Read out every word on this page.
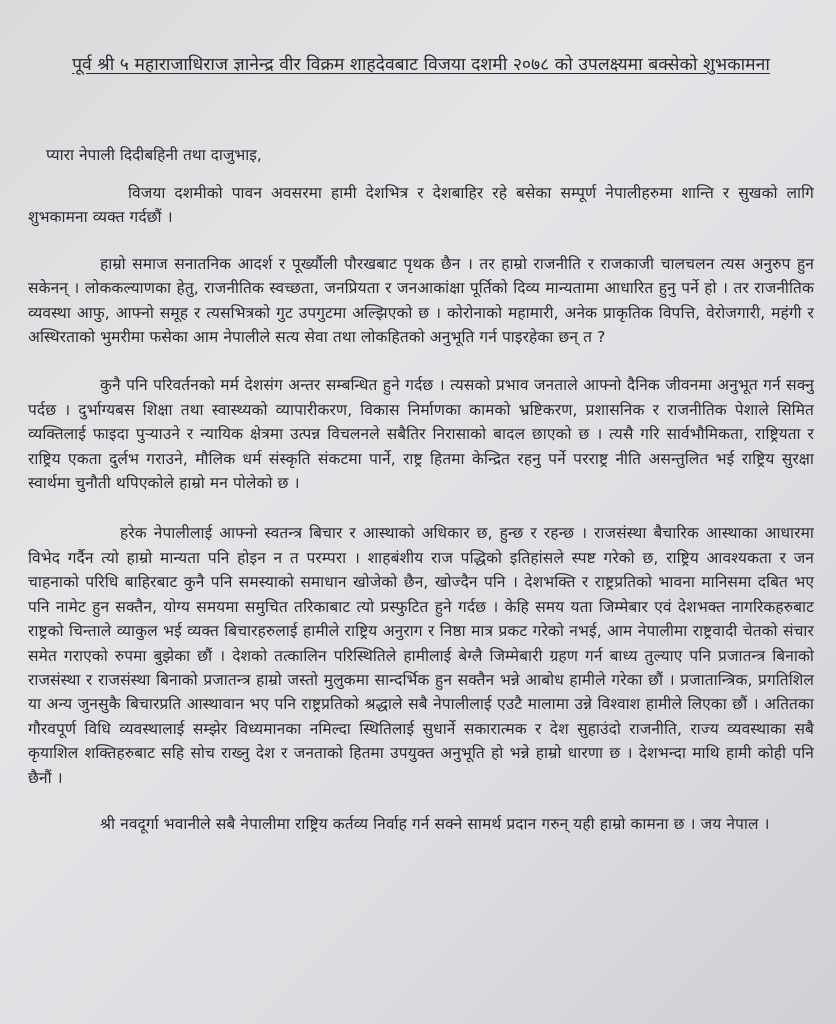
पूर्व श्री ५ महाराजाधिराज ज्ञानेन्द्र वीर विक्रम शाहदेवबाट विजया दशमी २०७८ को उपलक्ष्यमा बक्सेको शुभकामना
प्यारा नेपाली दिदीबहिनी तथा दाजुभाइ,

विजया दशमीको पावन अवसरमा हामी देशभित्र र देशबाहिर रहे बसेका सम्पूर्ण नेपालीहरुमा शान्ति र सुखको लागि शुभकामना व्यक्त गर्दछौं ।

हाम्रो समाज सनातनिक आदर्श र पूर्ख्यौली पौरखबाट पृथक छैन । तर हाम्रो राजनीति र राजकाजी चालचलन त्यस अनुरुप हुन सकेनन् । लोककल्याणका हेतु, राजनीतिक स्वच्छता, जनप्रियता र जनआकांक्षा पूर्तिको दिव्य मान्यतामा आधारित हुनु पर्ने हो । तर राजनीतिक व्यवस्था आफु, आफ्नो समूह र त्यसभित्रको गुट उपगुटमा अल्झिएको छ । कोरोनाको महामारी, अनेक प्राकृतिक विपत्ति, वेरोजगारी, महंगी र अस्थिरताको भुमरीमा फसेका आम नेपालीले सत्य सेवा तथा लोकहितको अनुभूति गर्न पाइरहेका छन् त ?

कुनै पनि परिवर्तनको मर्म देशसंग अन्तर सम्बन्धित हुने गर्दछ । त्यसको प्रभाव जनताले आफ्नो दैनिक जीवनमा अनुभूत गर्न सक्नु पर्दछ । दुर्भाग्यबस शिक्षा तथा स्वास्थ्यको व्यापारीकरण, विकास निर्माणका कामको भ्रष्टिकरण, प्रशासनिक र राजनीतिक पेशाले सिमित व्यक्तिलाई फाइदा पुर्‍याउने र न्यायिक क्षेत्रमा उत्पन्न विचलनले सबैतिर निरासाको बादल छाएको छ । त्यसै गरि सार्वभौमिकता, राष्ट्रियता र राष्ट्रिय एकता दुर्लभ गराउने, मौलिक धर्म संस्कृति संकटमा पार्ने, राष्ट्र हितमा केन्द्रित रहनु पर्ने परराष्ट्र नीति असन्तुलित भई राष्ट्रिय सुरक्षा स्वार्थमा चुनौती थपिएकोले हाम्रो मन पोलेको छ ।

हरेक नेपालीलाई आफ्नो स्वतन्त्र बिचार र आस्थाको अधिकार छ, हुन्छ र रहन्छ । राजसंस्था बैचारिक आस्थाका आधारमा विभेद गर्दैन त्यो हाम्रो मान्यता पनि होइन न त परम्परा । शाहबंशीय राज पद्धिको इतिहांसले स्पष्ट गरेको छ, राष्ट्रिय आवश्यकता र जन चाहनाको परिधि बाहिरबाट कुनै पनि समस्याको समाधान खोजेको छैन, खोज्दैन पनि । देशभक्ति र राष्ट्रप्रतिको भावना मानिसमा दबित भए पनि नामेट हुन सक्तैन, योग्य समयमा समुचित तरिकाबाट त्यो प्रस्फुटित हुने गर्दछ । केहि समय यता जिम्मेबार एवं देशभक्त नागरिकहरुबाट राष्ट्रको चिन्ताले व्याकुल भई व्यक्त बिचारहरुलाई हामीले राष्ट्रिय अनुराग र निष्ठा मात्र प्रकट गरेको नभई, आम नेपालीमा राष्ट्रवादी चेतको संचार समेत गराएको रुपमा बुझेका छौं । देशको तत्कालिन परिस्थितिले हामीलाई बेग्लै जिम्मेबारी ग्रहण गर्न बाध्य तुल्याए पनि प्रजातन्त्र बिनाको राजसंस्था र राजसंस्था बिनाको प्रजातन्त्र हाम्रो जस्तो मुलुकमा सान्दर्भिक हुन सक्तैन भन्ने आबोध हामीले गरेका छौं । प्रजातान्त्रिक, प्रगतिशिल या अन्य जुनसुकै बिचारप्रति आस्थावान भए पनि राष्ट्रप्रतिको श्रद्धाले सबै नेपालीलाई एउटै मालामा उन्ने विश्वाश हामीले लिएका छौं । अतितका गौरवपूर्ण विधि व्यवस्थालाई सम्झेर विध्यमानका नमिल्दा स्थितिलाई सुधार्ने सकारात्मक र देश सुहाउंदो राजनीति, राज्य व्यवस्थाका सबै कृयाशिल शक्तिहरुबाट सहि सोच राख्नु देश र जनताको हितमा उपयुक्त अनुभूति हो भन्ने हाम्रो धारणा छ । देशभन्दा माथि हामी कोही पनि छैनौं ।

श्री नवदूर्गा भवानीले सबै नेपालीमा राष्ट्रिय कर्तव्य निर्वाह गर्न सक्ने सामर्थ प्रदान गरुन् यही हाम्रो कामना छ । जय नेपाल ।
